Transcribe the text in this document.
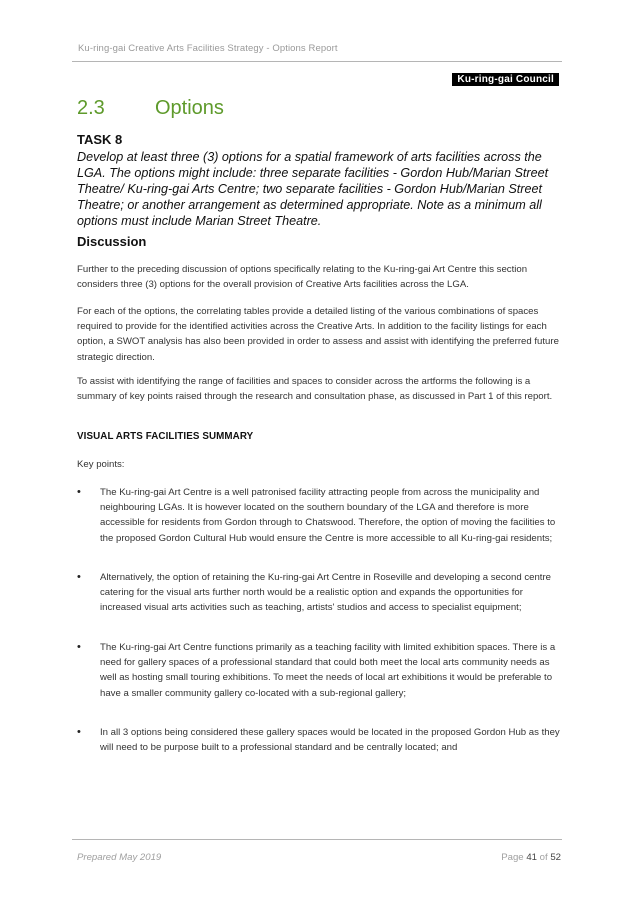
Ku-ring-gai Creative Arts Facilities Strategy - Options Report
Ku-ring-gai Council
2.3	Options
TASK 8
Develop at least three (3) options for a spatial framework of arts facilities across the LGA. The options might include: three separate facilities - Gordon Hub/Marian Street Theatre/ Ku-ring-gai Arts Centre; two separate facilities - Gordon Hub/Marian Street Theatre; or another arrangement as determined appropriate. Note as a minimum all options must include Marian Street Theatre.
Discussion

Further to the preceding discussion of options specifically relating to the Ku-ring-gai Art Centre this section considers three (3) options for the overall provision of Creative Arts facilities across the LGA.

For each of the options, the correlating tables provide a detailed listing of the various combinations of spaces required to provide for the identified activities across the Creative Arts. In addition to the facility listings for each option, a SWOT analysis has also been provided in order to assess and assist with identifying the preferred future strategic direction.

To assist with identifying the range of facilities and spaces to consider across the artforms the following is a summary of key points raised through the research and consultation phase, as discussed in Part 1 of this report.

VISUAL ARTS FACILITIES SUMMARY
Key points:
•	The Ku-ring-gai Art Centre is a well patronised facility attracting people from across the municipality and neighbouring LGAs. It is however located on the southern boundary of the LGA and therefore is more accessible for residents from Gordon through to Chatswood. Therefore, the option of moving the facilities to the proposed Gordon Cultural Hub would ensure the Centre is more accessible to all Ku-ring-gai residents;
•	Alternatively, the option of retaining the Ku-ring-gai Art Centre in Roseville and developing a second centre catering for the visual arts further north would be a realistic option and expands the opportunities for increased visual arts activities such as teaching, artists' studios and access to specialist equipment;
•	The Ku-ring-gai Art Centre functions primarily as a teaching facility with limited exhibition spaces. There is a need for gallery spaces of a professional standard that could both meet the local arts community needs as well as hosting small touring exhibitions. To meet the needs of local art exhibitions it would be preferable to have a smaller community gallery co-located with a sub-regional gallery;
•	In all 3 options being considered these gallery spaces would be located in the proposed Gordon Hub as they will need to be purpose built to a professional standard and be centrally located; and
Prepared May 2019	Page 41 of 52
